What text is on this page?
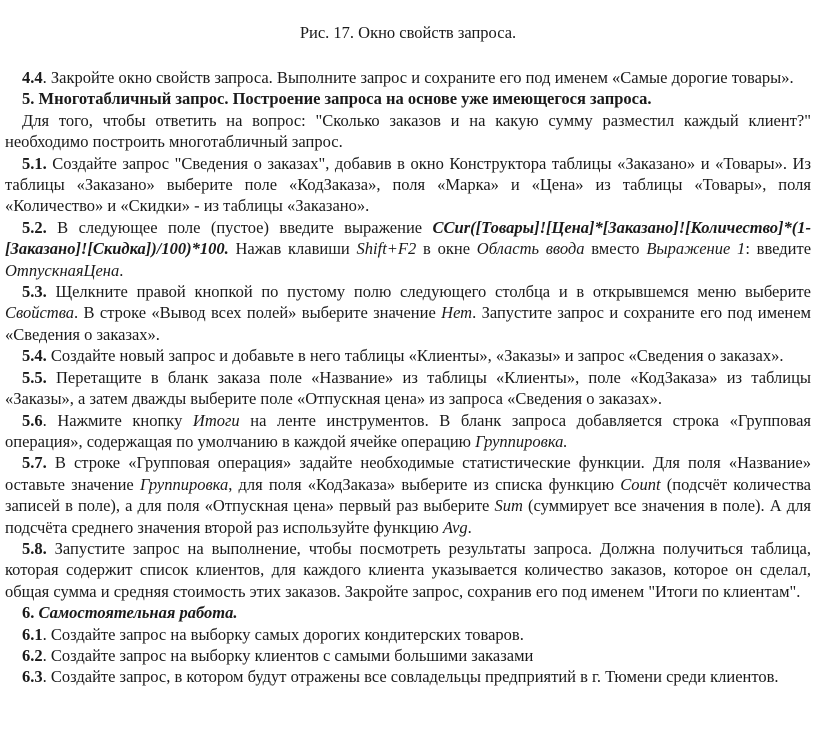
Рис. 17. Окно свойств запроса.

4.4. Закройте окно свойств запроса. Выполните запрос и сохраните его под именем «Самые дорогие товары».

5. Многотабличный запрос. Построение запроса на основе уже имеющегося запроса.

Для того, чтобы ответить на вопрос: "Сколько заказов и на какую сумму разместил каждый клиент?" необходимо построить многотабличный запрос.

5.1. Создайте запрос "Сведения о заказах", добавив в окно Конструктора таблицы «Заказано» и «Товары». Из таблицы «Заказано» выберите поле «КодЗаказа», поля «Марка» и «Цена» из таблицы «Товары», поля «Количество» и «Скидки» - из таблицы «Заказано».

5.2. В следующее поле (пустое) введите выражение CCur([Товары]![Цена]*[Заказано]![Количество]*(1-[Заказано]![Скидка])/100)*100. Нажав клавиши Shift+F2 в окне Область ввода вместо Выражение 1: введите ОтпускнаяЦена.

5.3. Щелкните правой кнопкой по пустому полю следующего столбца и в открывшемся меню выберите Свойства. В строке «Вывод всех полей» выберите значение Нет. Запустите запрос и сохраните его под именем «Сведения о заказах».

5.4. Создайте новый запрос и добавьте в него таблицы «Клиенты», «Заказы» и запрос «Сведения о заказах».

5.5. Перетащите в бланк заказа поле «Название» из таблицы «Клиенты», поле «КодЗаказа» из таблицы «Заказы», а затем дважды выберите поле «Отпускная цена» из запроса «Сведения о заказах».

5.6. Нажмите кнопку Итоги на ленте инструментов. В бланк запроса добавляется строка «Групповая операция», содержащая по умолчанию в каждой ячейке операцию Группировка.

5.7. В строке «Групповая операция» задайте необходимые статистические функции. Для поля «Название» оставьте значение Группировка, для поля «КодЗаказа» выберите из списка функцию Count (подсчёт количества записей в поле), а для поля «Отпускная цена» первый раз выберите Sum (суммирует все значения в поле). А для подсчёта среднего значения второй раз используйте функцию Avg.

5.8. Запустите запрос на выполнение, чтобы посмотреть результаты запроса. Должна получиться таблица, которая содержит список клиентов, для каждого клиента указывается количество заказов, которое он сделал, общая сумма и средняя стоимость этих заказов. Закройте запрос, сохранив его под именем "Итоги по клиентам".

6. Самостоятельная работа.

6.1. Создайте запрос на выборку самых дорогих кондитерских товаров.

6.2. Создайте запрос на выборку клиентов с самыми большими заказами

6.3. Создайте запрос, в котором будут отражены все совладельцы предприятий в г. Тюмени среди клиентов.
